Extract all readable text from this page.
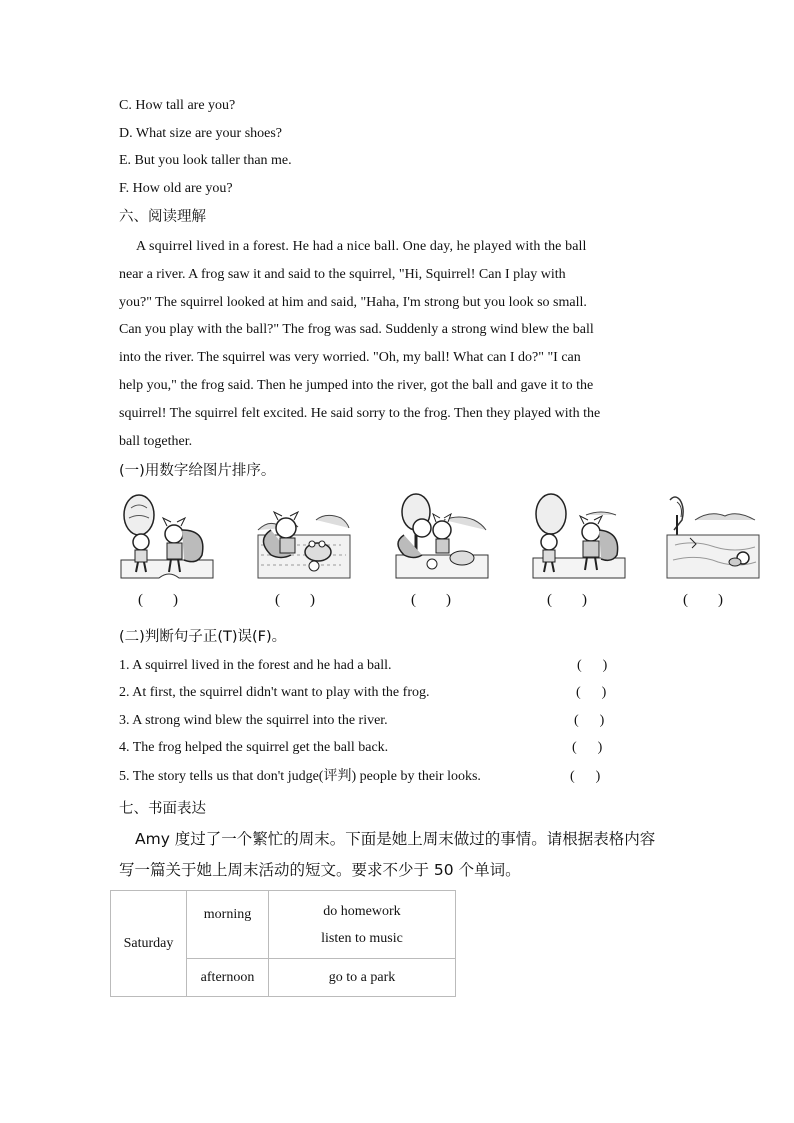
C. How tall are you?
D. What size are your shoes?
E. But you look taller than me.
F. How old are you?
六、阅读理解
A squirrel lived in a forest. He had a nice ball. One day, he played with the ball
near a river. A frog saw it and said to the squirrel, "Hi, Squirrel! Can I play with
you?" The squirrel looked at him and said, "Haha, I'm strong but you look so small.
Can you play with the ball?" The frog was sad. Suddenly a strong wind blew the ball
into the river. The squirrel was very worried. "Oh, my ball! What can I do?" "I can
help you," the frog said. Then he jumped into the river, got the ball and gave it to the
squirrel! The squirrel felt excited. He said sorry to the frog. Then they played with the
ball together.
(一)用数字给图片排序。
(        )	(        )	(        )	(        )	(        )
(二)判断句子正(T)误(F)。
1. A squirrel lived in the forest and he had a ball.	(      )
2. At first, the squirrel didn't want to play with the frog.	(      )
3. A strong wind blew the squirrel into the river.	(      )
4. The frog helped the squirrel get the ball back.	(      )
5. The story tells us that don't judge(评判) people by their looks.	(      )
七、书面表达
Amy 度过了一个繁忙的周末。下面是她上周末做过的事情。请根据表格内容
写一篇关于她上周末活动的短文。要求不少于 50 个单词。
Saturday	morning	do homework
listen to music

	afternoon	go to a park
